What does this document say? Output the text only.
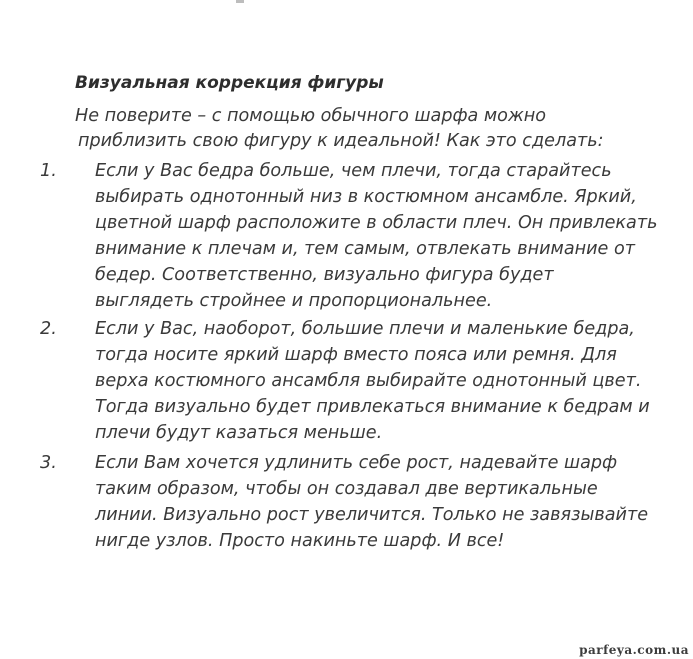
Визуальная коррекция фигуры
Не поверите – с помощью обычного шарфа можно
приблизить свою фигуру к идеальной! Как это сделать:
1. Если у Вас бедра больше, чем плечи, тогда старайтесь
выбирать однотонный низ в костюмном ансамбле. Яркий,
цветной шарф расположите в области плеч. Он привлекать
внимание к плечам и, тем самым, отвлекать внимание от
бедер. Соответственно, визуально фигура будет
выглядеть стройнее и пропорциональнее.
2. Если у Вас, наоборот, большие плечи и маленькие бедра,
тогда носите яркий шарф вместо пояса или ремня. Для
верха костюмного ансамбля выбирайте однотонный цвет.
Тогда визуально будет привлекаться внимание к бедрам и
плечи будут казаться меньше.
3. Если Вам хочется удлинить себе рост, надевайте шарф
таким образом, чтобы он создавал две вертикальные
линии. Визуально рост увеличится. Только не завязывайте
нигде узлов. Просто накиньте шарф. И все!
parfeya.com.ua
